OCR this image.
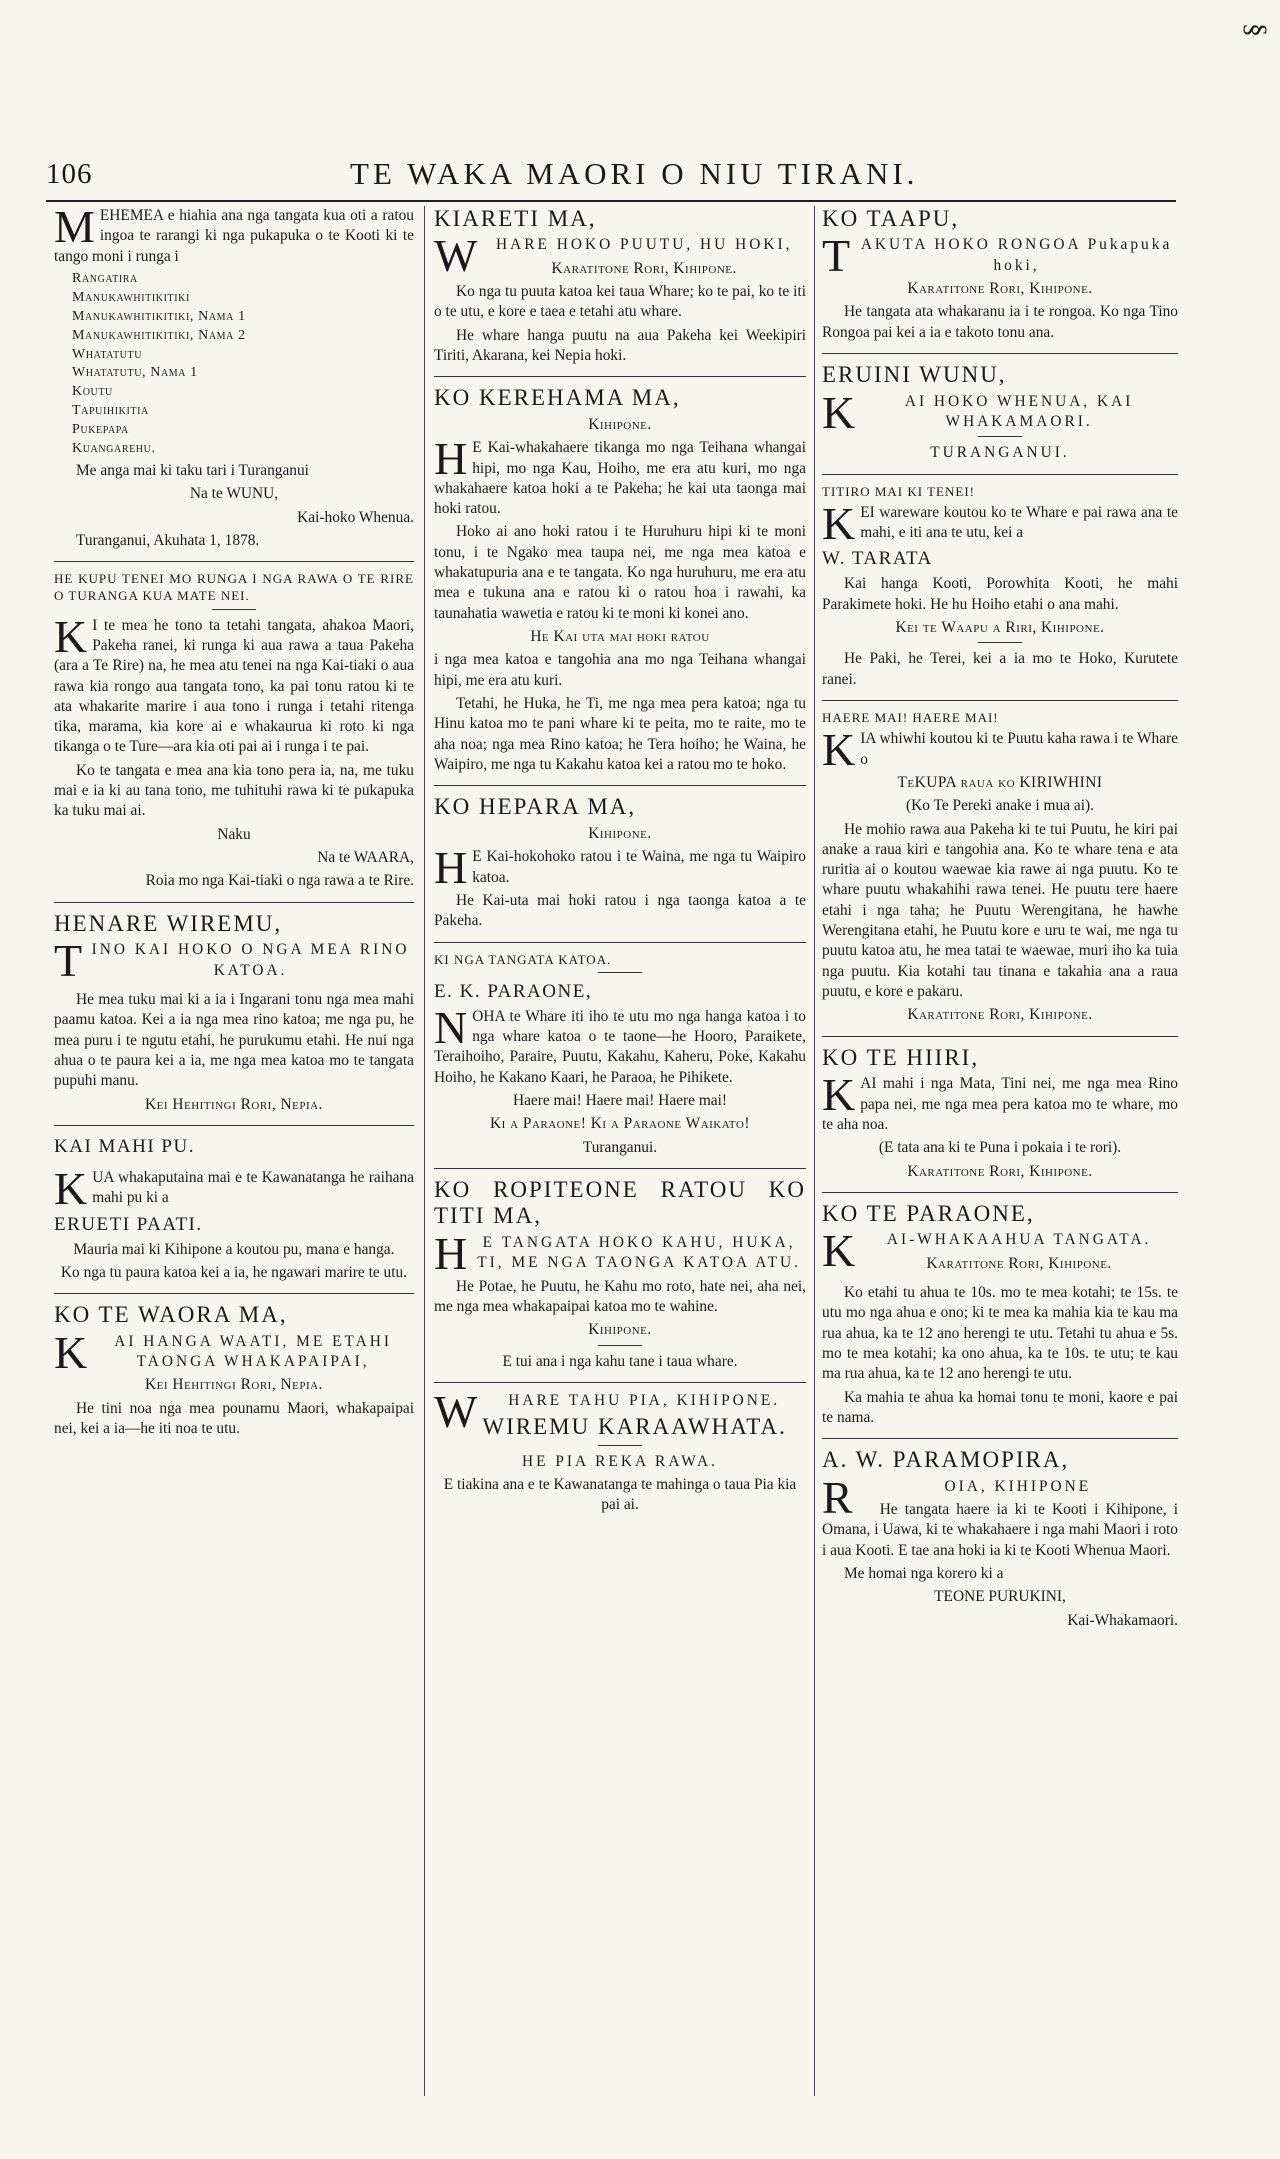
§
106	TE WAKA MAORI O NIU TIRANI.

MEHEMEA e hiahia ana nga tangata kua oti a ratou ingoa te rarangi ki nga pukapuka o te Kooti ki te tango moni i runga i

Rangatira
Manukawhitikitiki
Manukawhitikitiki, Nama 1
Manukawhitikitiki, Nama 2
Whatatutu
Whatatutu, Nama 1
Koutu
Tapuihikitia
Pukepapa
Kuangarehu.

Me anga mai ki taku tari i Turanganui

Na te WUNU,

Kai-hoko Whenua.

Turanganui, Akuhata 1, 1878.

HE KUPU TENEI MO RUNGA I NGA RAWA O TE RIRE O TURANGA KUA MATE NEI.

K I te mea he tono ta tetahi tangata, ahakoa Maori, Pakeha ranei, ki runga ki aua rawa a taua Pakeha (ara a Te Rire) na, he mea atu tenei na nga Kai-tiaki o aua rawa kia rongo aua tangata tono, ka pai tonu ratou ki te ata whakarite marire i aua tono i runga i tetahi ritenga tika, marama, kia kore ai e whakaurua ki roto ki nga tikanga o te Ture—ara kia oti pai ai i runga i te pai.

Ko te tangata e mea ana kia tono pera ia, na, me tuku mai e ia ki au tana tono, me tuhituhi rawa ki te pukapuka ka tuku mai ai.

Naku

Na te WAARA,

Roia mo nga Kai-tiaki o nga rawa a te Rire.

HENARE WIREMU,

TINO KAI HOKO O NGA MEA RINO KATOA.

He mea tuku mai ki a ia i Ingarani tonu nga mea mahi paamu katoa. Kei a ia nga mea rino katoa; me nga pu, he mea puru i te ngutu etahi, he purukumu etahi. He nui nga ahua o te paura kei a ia, me nga mea katoa mo te tangata pupuhi manu.

Kei Hehitingi Rori, Nepia.

KAI MAHI PU.

KUA whakaputaina mai e te Kawanatanga he raihana mahi pu ki a

ERUETI PAATI.

Mauria mai ki Kihipone a koutou pu, mana e hanga.

Ko nga tu paura katoa kei a ia, he ngawari marire te utu.

KO TE WAORA MA,

K AI HANGA WAATI, ME ETAHI TAONGA WHAKAPAIPAI,

Kei Hehitingi Rori, Nepia.

He tini noa nga mea pounamu Maori, whakapaipai nei, kei a ia—he iti noa te utu.

KIARETI MA,

W HARE HOKO PUUTU, HU HOKI,

Karatitone Rori, Kihipone.

Ko nga tu puuta katoa kei taua Whare; ko te pai, ko te iti o te utu, e kore e taea e tetahi atu whare.

He whare hanga puutu na aua Pakeha kei Weekipiri Tiriti, Akarana, kei Nepia hoki.

KO KEREHAMA MA,

Kihipone.

H E Kai-whakahaere tikanga mo nga Teihana whangai hipi, mo nga Kau, Hoiho, me era atu kuri, mo nga whakahaere katoa hoki a te Pakeha; he kai uta taonga mai hoki ratou.

Hoko ai ano hoki ratou i te Huruhuru hipi ki te moni tonu, i te Ngako mea taupa nei, me nga mea katoa e whakatupuria ana e te tangata. Ko nga huruhuru, me era atu mea e tukuna ana e ratou ki o ratou hoa i rawahi, ka taunahatia wawetia e ratou ki te moni ki konei ano.

He Kai uta mai hoki ratou

i nga mea katoa e tangohia ana mo nga Teihana whangai hipi, me era atu kuri.

Tetahi, he Huka, he Ti, me nga mea pera katoa; nga tu Hinu katoa mo te pani whare ki te peita, mo te raite, mo te aha noa; nga mea Rino katoa; he Tera hoiho; he Waina, he Waipiro, me nga tu Kakahu katoa kei a ratou mo te hoko.

KO HEPARA MA,

Kihipone.

H E Kai-hokohoko ratou i te Waina, me nga tu Waipiro katoa.

He Kai-uta mai hoki ratou i nga taonga katoa a te Pakeha.

KI NGA TANGATA KATOA.

E. K. PARAONE,

NOHA te Whare iti iho te utu mo nga hanga katoa i to nga whare katoa o te taone—he Hooro, Paraikete, Teraihoiho, Paraire, Puutu, Kakahu, Kaheru, Poke, Kakahu Hoiho, he Kakano Kaari, he Paraoa, he Pihikete.

Haere mai! Haere mai! Haere mai!

Ki a Paraone! Ki a Paraone Waikato!

Turanganui.

KO ROPITEONE RATOU KO TITI MA,

H E TANGATA HOKO KAHU, HUKA, TI, ME NGA TAONGA KATOA ATU.

He Potae, he Puutu, he Kahu mo roto, hate nei, aha nei, me nga mea whakapaipai katoa mo te wahine.

Kihipone.

E tui ana i nga kahu tane i taua whare.

W HARE TAHU PIA, KIHIPONE.

WIREMU KARAAWHATA.

HE PIA REKA RAWA.

E tiakina ana e te Kawanatanga te mahinga o taua Pia kia pai ai.

KO TAAPU,

TAKUTA HOKO RONGOA Pukapuka hoki,

Karatitone Rori, Kihipone.

He tangata ata whakaranu ia i te rongoa. Ko nga Tino Rongoa pai kei a ia e takoto tonu ana.

ERUINI WUNU,

K	AI HOKO WHENUA, KAI WHAKAMAORI.

TURANGANUI.

TITIRO MAI KI TENEI!

KEI wareware koutou ko te Whare e pai rawa ana te mahi, e iti ana te utu, kei a

W. TARATA

Kai hanga Kooti, Porowhita Kooti, he mahi Parakimete hoki. He hu Hoiho etahi o ana mahi.

Kei te Waapu a Riri, Kihipone.

He Paki, he Terei, kei a ia mo te Hoko, Kurutete ranei.

HAERE MAI! HAERE MAI!

KIA whiwhi koutou ki te Puutu kaha rawa i te Whare o

TeKUPA raua ko KIRIWHINI

(Ko Te Pereki anake i mua ai).

He mohio rawa aua Pakeha ki te tui Puutu, he kiri pai anake a raua kiri e tangohia ana. Ko te whare tena e ata ruritia ai o koutou waewae kia rawe ai nga puutu. Ko te whare puutu whakahihi rawa tenei. He puutu tere haere etahi i nga taha; he Puutu Werengitana, he hawhe Werengitana etahi, he Puutu kore e uru te wai, me nga tu puutu katoa atu, he mea tatai te waewae, muri iho ka tuia nga puutu. Kia kotahi tau tinana e takahia ana a raua puutu, e kore e pakaru.

Karatitone Rori, Kihipone.

KO TE HIIRI,

KAI mahi i nga Mata, Tini nei, me nga mea Rino papa nei, me nga mea pera katoa mo te whare, mo te aha noa.

(E tata ana ki te Puna i pokaia i te rori).

Karatitone Rori, Kihipone.

KO TE PARAONE,

K AI-WHAKAAHUA TANGATA.

Karatitone Rori, Kihipone.

Ko etahi tu ahua te 10s. mo te mea kotahi; te 15s. te utu mo nga ahua e ono; ki te mea ka mahia kia te kau ma rua ahua, ka te 12 ano herengi te utu. Tetahi tu ahua e 5s. mo te mea kotahi; ka ono ahua, ka te 10s. te utu; te kau ma rua ahua, ka te 12 ano herengi te utu.

Ka mahia te ahua ka homai tonu te moni, kaore e pai te nama.

A. W. PARAMOPIRA,

R	OIA, KIHIPONE

He tangata haere ia ki te Kooti i Kihipone, i Omana, i Uawa, ki te whakahaere i nga mahi Maori i roto i aua Kooti. E tae ana hoki ia ki te Kooti Whenua Maori.

Me homai nga korero ki a

TEONE PURUKINI,

Kai-Whakamaori.
